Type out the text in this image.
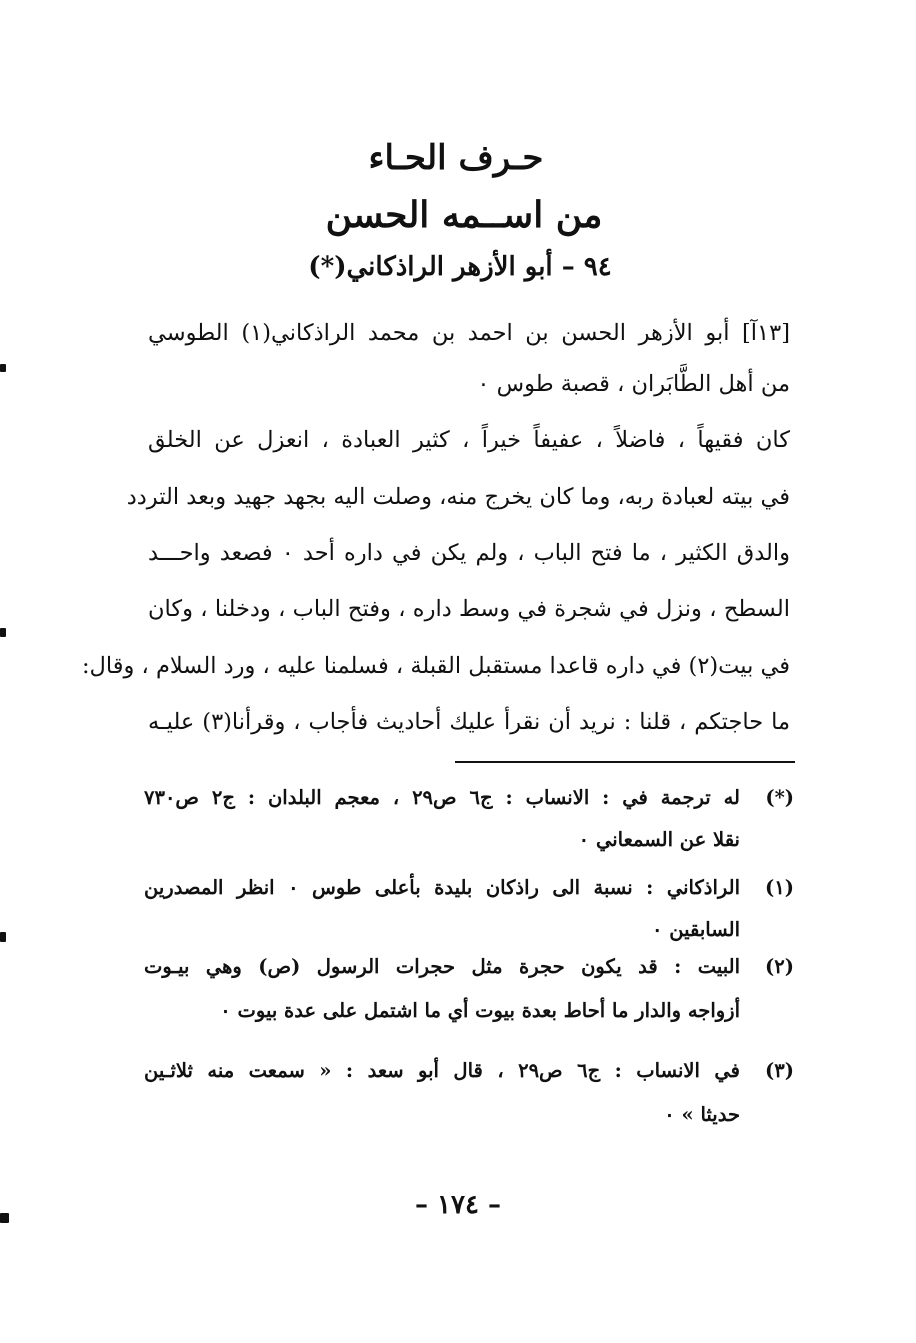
حـرف الحـاء
من اســمه الحسن
٩٤ – أبو الأزهر الراذكاني(*)
[١٣آ] أبو الأزهر الحسن بن احمد بن محمد الراذكاني(١) الطوسي
من أهل الطَّابَران ، قصبة طوس ٠
كان فقيهاً ، فاضلاً ، عفيفاً خيراً ، كثير العبادة ، انعزل عن الخلق
في بيته لعبادة ربه، وما كان يخرج منه، وصلت اليه بجهد جهيد وبعد التردد
والدق الكثير ، ما فتح الباب ، ولم يكن في داره أحد ٠ فصعد واحـــد
السطح ، ونزل في شجرة في وسط داره ، وفتح الباب ، ودخلنا ، وكان
في بيت(٢) في داره قاعدا مستقبل القبلة ، فسلمنا عليه ، ورد السلام ، وقال:
ما حاجتكم ، قلنا : نريد أن نقرأ عليك أحاديث فأجاب ، وقرأنا(٣) عليـه
(*)
له ترجمة في : الانساب : ج٦ ص٢٩ ، معجم البلدان : ج٢ ص٧٣٠
نقلا عن السمعاني ٠
(١)
الراذكاني : نسبة الى راذكان بليدة بأعلى طوس ٠ انظر المصدرين
السابقين ٠
(٢)
البيت : قد يكون حجرة مثل حجرات الرسول (ص) وهي بيـوت
أزواجه والدار ما أحاط بعدة بيوت أي ما اشتمل على عدة بيوت ٠
(٣)
في الانساب : ج٦ ص٢٩ ، قال أبو سعد : « سمعت منه ثلاثـين
حديثا » ٠
– ١٧٤ –
